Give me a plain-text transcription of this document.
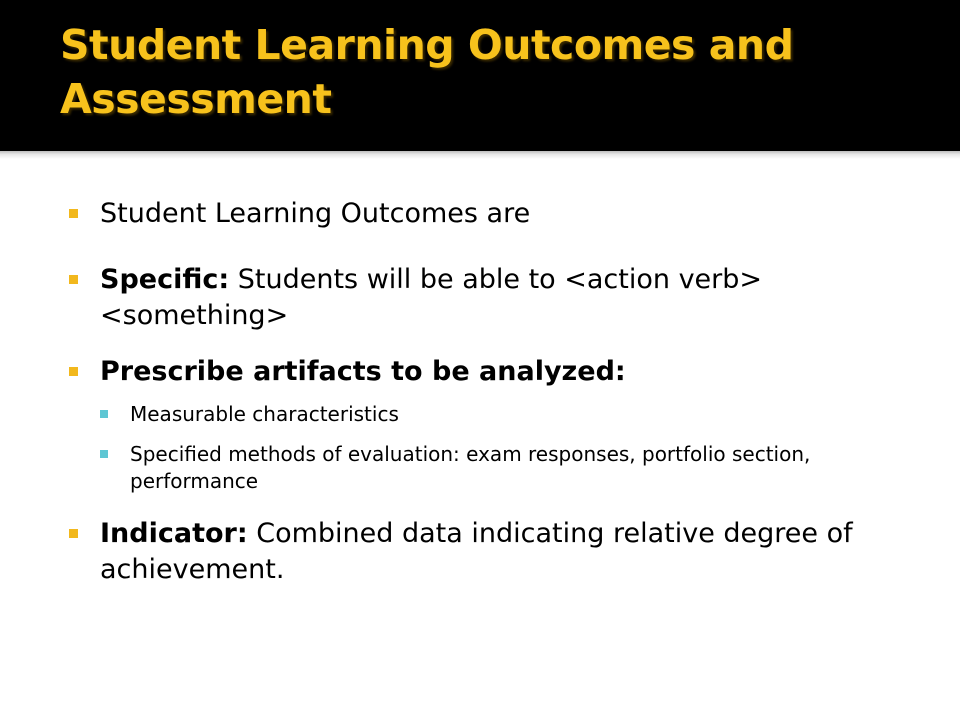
Student Learning Outcomes and Assessment
Student Learning Outcomes are
Specific: Students will be able to <action verb> <something>
Prescribe artifacts to be analyzed:
Measurable characteristics
Specified methods of evaluation: exam responses, portfolio section, performance
Indicator: Combined data indicating relative degree of achievement.
